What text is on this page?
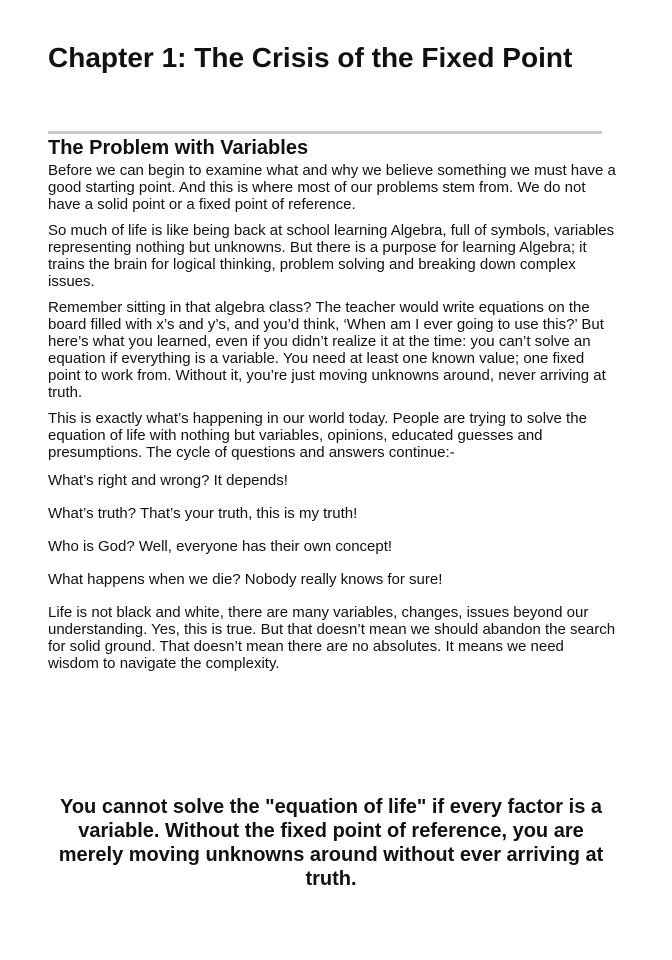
Chapter 1: The Crisis of the Fixed Point
The Problem with Variables

Before we can begin to examine what and why we believe something we must have a good starting point. And this is where most of our problems stem from. We do not have a solid point or a fixed point of reference.

So much of life is like being back at school learning Algebra, full of symbols, variables representing nothing but unknowns. But there is a purpose for learning Algebra; it trains the brain for logical thinking, problem solving and breaking down complex issues.

Remember sitting in that algebra class? The teacher would write equations on the board filled with x’s and y’s, and you’d think, ‘When am I ever going to use this?’ But here’s what you learned, even if you didn’t realize it at the time: you can’t solve an equation if everything is a variable. You need at least one known value; one fixed point to work from. Without it, you’re just moving unknowns around, never arriving at truth.

This is exactly what’s happening in our world today. People are trying to solve the equation of life with nothing but variables, opinions, educated guesses and presumptions. The cycle of questions and answers continue:-

What’s right and wrong? It depends!

What’s truth? That’s your truth, this is my truth!

Who is God? Well, everyone has their own concept!

What happens when we die? Nobody really knows for sure!

Life is not black and white, there are many variables, changes, issues beyond our understanding. Yes, this is true. But that doesn’t mean we should abandon the search for solid ground. That doesn’t mean there are no absolutes. It means we need wisdom to navigate the complexity.

You cannot solve the "equation of life" if every factor is a variable. Without the fixed point of reference, you are merely moving unknowns around without ever arriving at truth.
